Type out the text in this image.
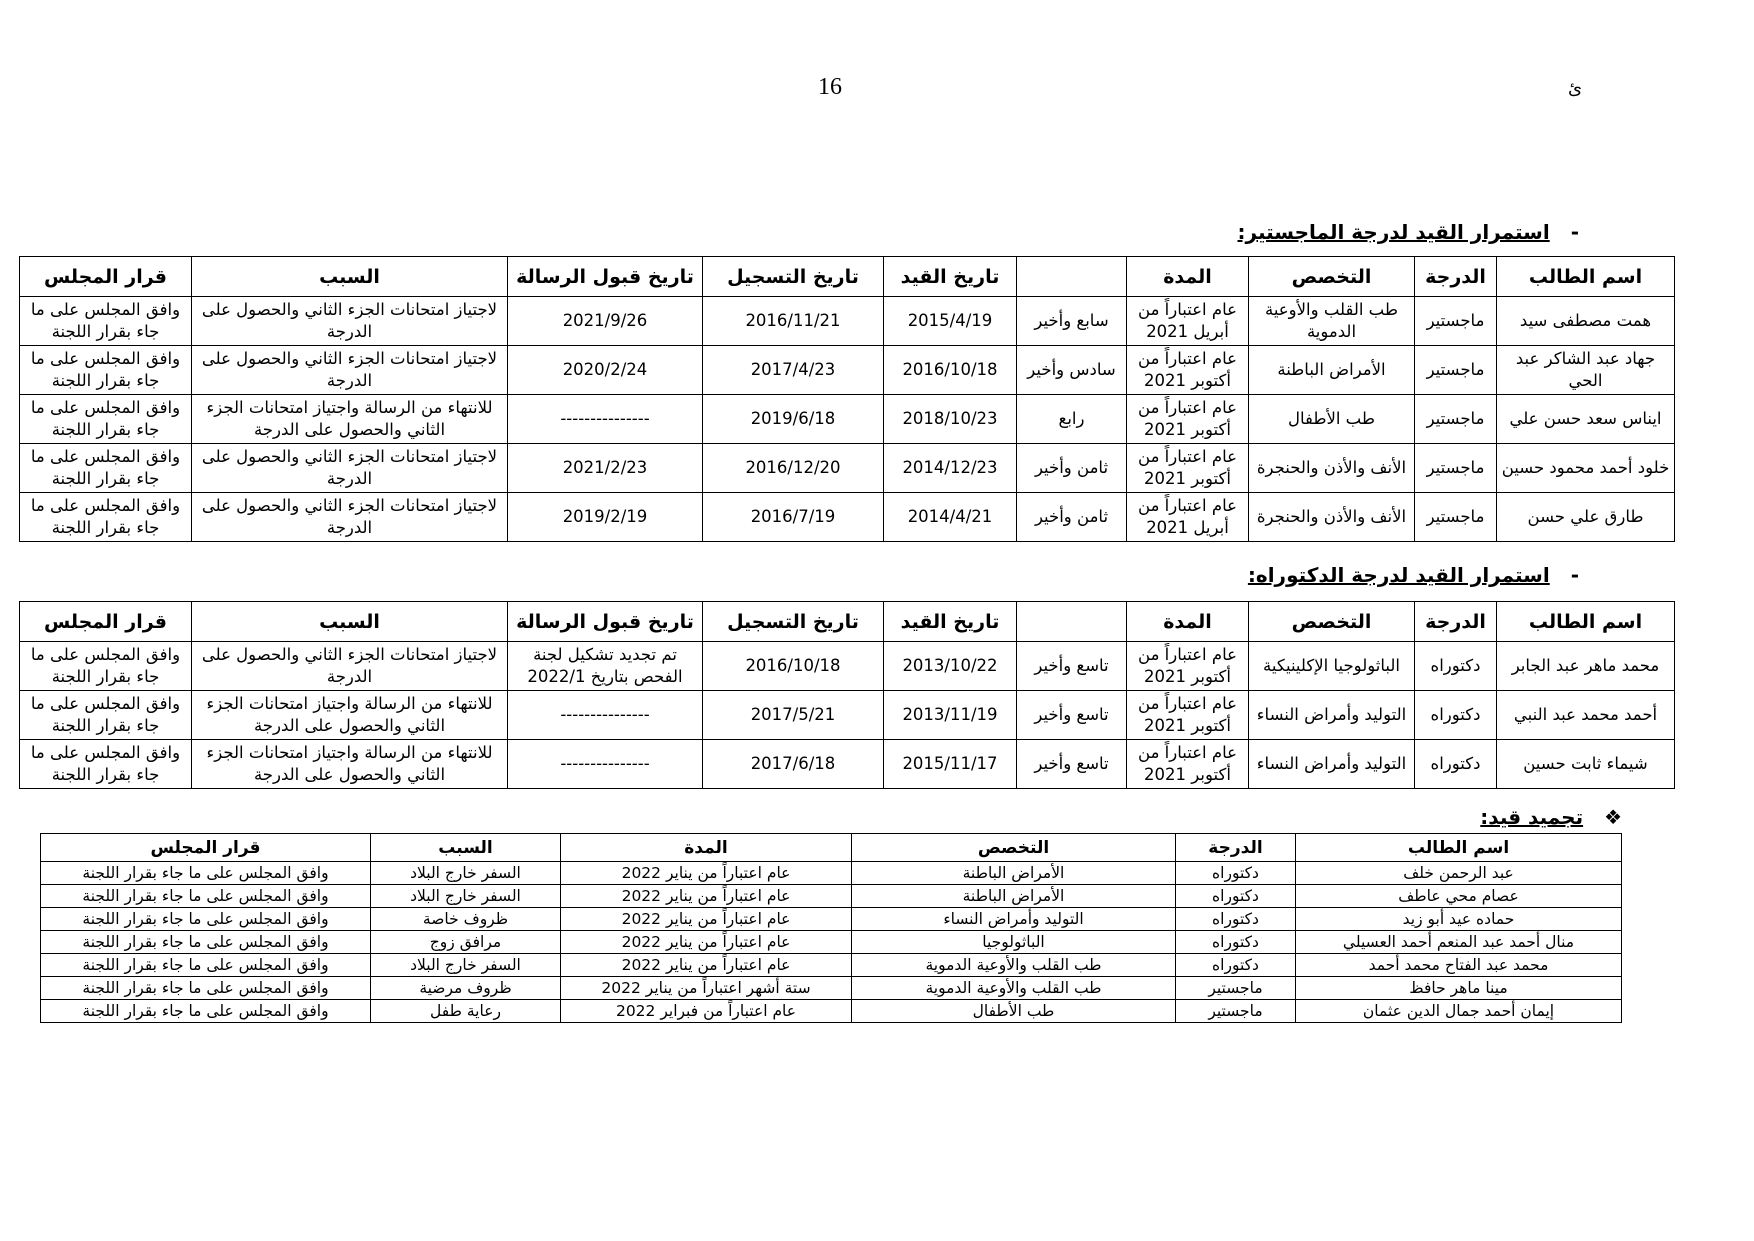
16	ئ
- استمرار القيد لدرجة الماجستير:
اسم الطالب	الدرجة	التخصص	المدة		تاريخ القيد	تاريخ التسجيل	تاريخ قبول الرسالة	السبب	قرار المجلس
همت مصطفى سيد	ماجستير	طب القلب والأوعية الدموية	عام اعتباراً من أبريل 2021	سابع وأخير	2015/4/19	2016/11/21	2021/9/26	لاجتياز امتحانات الجزء الثاني والحصول على الدرجة	وافق المجلس على ما جاء بقرار اللجنة
جهاد عبد الشاكر عبد الحي	ماجستير	الأمراض الباطنة	عام اعتباراً من أكتوبر 2021	سادس وأخير	2016/10/18	2017/4/23	2020/2/24	لاجتياز امتحانات الجزء الثاني والحصول على الدرجة	وافق المجلس على ما جاء بقرار اللجنة
ايناس سعد حسن علي	ماجستير	طب الأطفال	عام اعتباراً من أكتوبر 2021	رابع	2018/10/23	2019/6/18	---------------	للانتهاء من الرسالة واجتياز امتحانات الجزء الثاني والحصول على الدرجة	وافق المجلس على ما جاء بقرار اللجنة
خلود أحمد محمود حسين	ماجستير	الأنف والأذن والحنجرة	عام اعتباراً من أكتوبر 2021	ثامن وأخير	2014/12/23	2016/12/20	2021/2/23	لاجتياز امتحانات الجزء الثاني والحصول على الدرجة	وافق المجلس على ما جاء بقرار اللجنة
طارق علي حسن	ماجستير	الأنف والأذن والحنجرة	عام اعتباراً من أبريل 2021	ثامن وأخير	2014/4/21	2016/7/19	2019/2/19	لاجتياز امتحانات الجزء الثاني والحصول على الدرجة	وافق المجلس على ما جاء بقرار اللجنة
- استمرار القيد لدرجة الدكتوراه:
اسم الطالب	الدرجة	التخصص	المدة		تاريخ القيد	تاريخ التسجيل	تاريخ قبول الرسالة	السبب	قرار المجلس
محمد ماهر عبد الجابر	دكتوراه	الباثولوجيا الإكلينيكية	عام اعتباراً من أكتوبر 2021	تاسع وأخير	2013/10/22	2016/10/18	تم تجديد تشكيل لجنة الفحص بتاريخ 2022/1	لاجتياز امتحانات الجزء الثاني والحصول على الدرجة	وافق المجلس على ما جاء بقرار اللجنة
أحمد محمد عبد النبي	دكتوراه	التوليد وأمراض النساء	عام اعتباراً من أكتوبر 2021	تاسع وأخير	2013/11/19	2017/5/21	---------------	للانتهاء من الرسالة واجتياز امتحانات الجزء الثاني والحصول على الدرجة	وافق المجلس على ما جاء بقرار اللجنة
شيماء ثابت حسين	دكتوراه	التوليد وأمراض النساء	عام اعتباراً من أكتوبر 2021	تاسع وأخير	2015/11/17	2017/6/18	---------------	للانتهاء من الرسالة واجتياز امتحانات الجزء الثاني والحصول على الدرجة	وافق المجلس على ما جاء بقرار اللجنة
❖ تجميد قيد:
اسم الطالب	الدرجة	التخصص	المدة	السبب	قرار المجلس
عبد الرحمن خلف	دكتوراه	الأمراض الباطنة	عام اعتباراً من يناير 2022	السفر خارج البلاد	وافق المجلس على ما جاء بقرار اللجنة
عصام محي عاطف	دكتوراه	الأمراض الباطنة	عام اعتباراً من يناير 2022	السفر خارج البلاد	وافق المجلس على ما جاء بقرار اللجنة
حماده عيد أبو زيد	دكتوراه	التوليد وأمراض النساء	عام اعتباراً من يناير 2022	ظروف خاصة	وافق المجلس على ما جاء بقرار اللجنة
منال أحمد عبد المنعم أحمد العسيلي	دكتوراه	الباثولوجيا	عام اعتباراً من يناير 2022	مرافق زوج	وافق المجلس على ما جاء بقرار اللجنة
محمد عبد الفتاح محمد أحمد	دكتوراه	طب القلب والأوعية الدموية	عام اعتباراً من يناير 2022	السفر خارج البلاد	وافق المجلس على ما جاء بقرار اللجنة
مينا ماهر حافظ	ماجستير	طب القلب والأوعية الدموية	ستة أشهر اعتباراً من يناير 2022	ظروف مرضية	وافق المجلس على ما جاء بقرار اللجنة
إيمان أحمد جمال الدين عثمان	ماجستير	طب الأطفال	عام اعتباراً من فبراير 2022	رعاية طفل	وافق المجلس على ما جاء بقرار اللجنة
